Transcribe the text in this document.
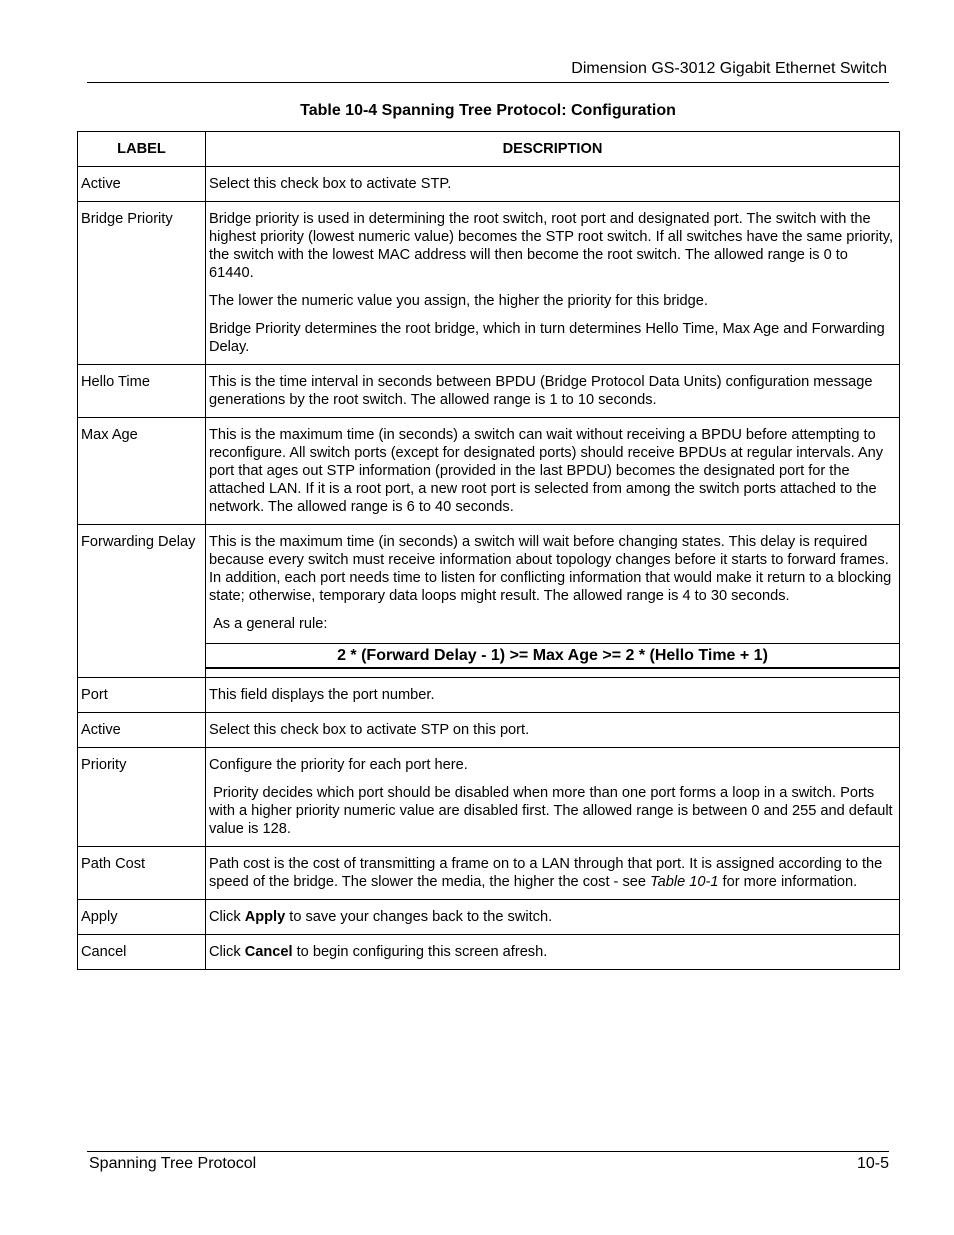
Dimension GS-3012 Gigabit Ethernet Switch
Table 10-4 Spanning Tree Protocol: Configuration
LABEL	DESCRIPTION
Active	Select this check box to activate STP.

Bridge Priority	Bridge priority is used in determining the root switch, root port and designated port. The switch with the highest priority (lowest numeric value) becomes the STP root switch. If all switches have the same priority, the switch with the lowest MAC address will then become the root switch. The allowed range is 0 to 61440.

The lower the numeric value you assign, the higher the priority for this bridge.

Bridge Priority determines the root bridge, which in turn determines Hello Time, Max Age and Forwarding Delay.

Hello Time	This is the time interval in seconds between BPDU (Bridge Protocol Data Units) configuration message generations by the root switch. The allowed range is 1 to 10 seconds.

Max Age	This is the maximum time (in seconds) a switch can wait without receiving a BPDU before attempting to reconfigure. All switch ports (except for designated ports) should receive BPDUs at regular intervals. Any port that ages out STP information (provided in the last BPDU) becomes the designated port for the attached LAN. If it is a root port, a new root port is selected from among the switch ports attached to the network. The allowed range is 6 to 40 seconds.

Forwarding Delay	This is the maximum time (in seconds) a switch will wait before changing states. This delay is required because every switch must receive information about topology changes before it starts to forward frames. In addition, each port needs time to listen for conflicting information that would make it return to a blocking state; otherwise, temporary data loops might result. The allowed range is 4 to 30 seconds.

As a general rule:

2 * (Forward Delay - 1) >= Max Age >= 2 * (Hello Time + 1)

Port	This field displays the port number.

Active	Select this check box to activate STP on this port.

Priority	Configure the priority for each port here.

Priority decides which port should be disabled when more than one port forms a loop in a switch. Ports with a higher priority numeric value are disabled first. The allowed range is between 0 and 255 and default value is 128.

Path Cost	Path cost is the cost of transmitting a frame on to a LAN through that port. It is assigned according to the speed of the bridge. The slower the media, the higher the cost - see Table 10-1 for more information.

Apply	Click Apply to save your changes back to the switch.

Cancel	Click Cancel to begin configuring this screen afresh.

Spanning Tree Protocol	10-5
